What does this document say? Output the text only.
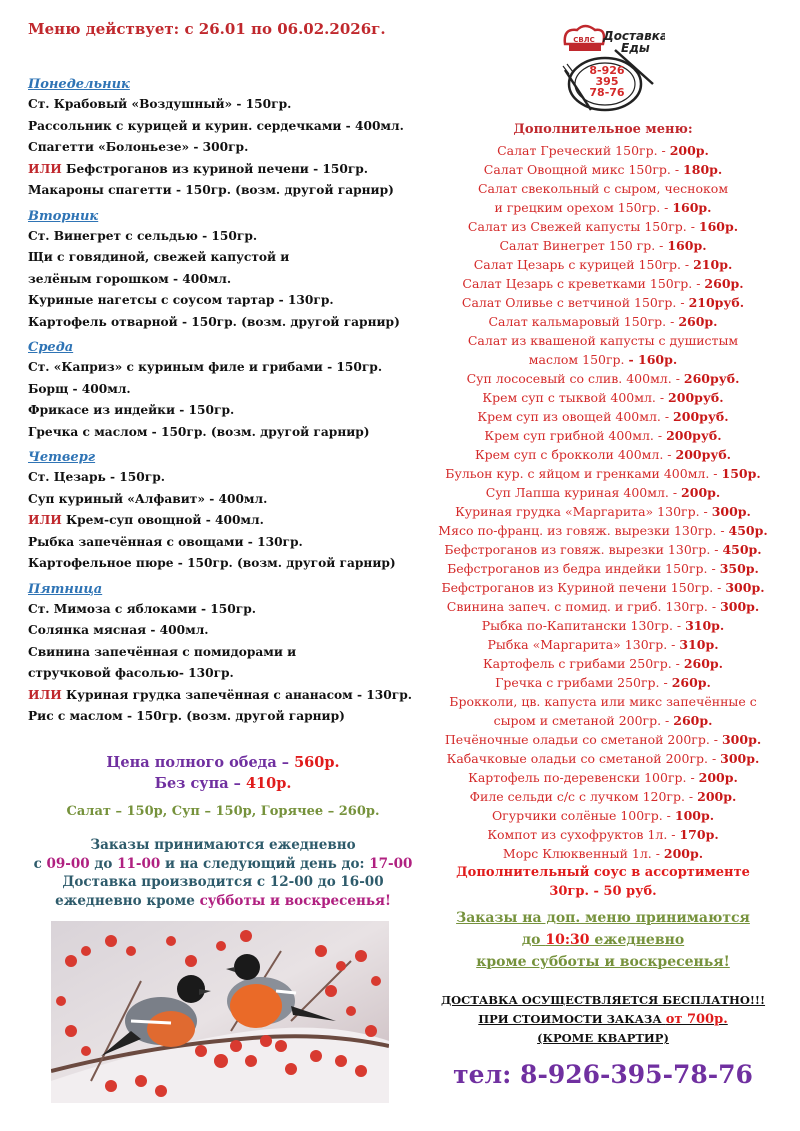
Меню действует: с 26.01 по 06.02.2026г.
СВЛС Доставка
Еды
8-926
395
78-76
Понедельник
Ст. Крабовый «Воздушный» - 150гр.
Рассольник с курицей и курин. сердечками - 400мл.
Спагетти «Болоньезе» - 300гр.
ИЛИ Бефстроганов из куриной печени - 150гр.
Макароны спагетти - 150гр. (возм. другой гарнир)
Вторник
Ст. Винегрет с сельдью - 150гр.
Щи с говядиной, свежей капустой и
зелёным горошком - 400мл.
Куриные нагетсы с соусом тартар - 130гр.
Картофель отварной - 150гр. (возм. другой гарнир)
Среда
Ст. «Каприз» с куриным филе и грибами - 150гр.
Борщ - 400мл.
Фрикасе из индейки - 150гр.
Гречка с маслом - 150гр. (возм. другой гарнир)
Четверг
Ст. Цезарь - 150гр.
Суп куриный «Алфавит» - 400мл.
ИЛИ Крем-суп овощной - 400мл.
Рыбка запечённая с овощами - 130гр.
Картофельное пюре - 150гр. (возм. другой гарнир)
Пятница
Ст. Мимоза с яблоками - 150гр.
Солянка мясная - 400мл.
Свинина запечённая с помидорами и
стручковой фасолью- 130гр.
ИЛИ Куриная грудка запечённая с ананасом - 130гр.
Рис с маслом - 150гр. (возм. другой гарнир)
Цена полного обеда – 560р.
Без супа – 410р.
Салат – 150р, Суп – 150р, Горячее – 260р.
Заказы принимаются ежедневно
с 09-00 до 11-00 и на следующий день до: 17-00
Доставка производится с 12-00 до 16-00
ежедневно кроме субботы и воскресенья!
Дополнительное меню:
Салат Греческий 150гр. - 200р.
Салат Овощной микс 150гр. - 180р.
Салат свекольный с сыром, чесноком
и грецким орехом 150гр. - 160р.
Салат из Свежей капусты 150гр. - 160р.
Салат Винегрет 150 гр. - 160р.
Салат Цезарь с курицей 150гр. - 210р.
Салат Цезарь с креветками 150гр. - 260р.
Салат Оливье с ветчиной 150гр. - 210руб.
Салат кальмаровый 150гр. - 260р.
Салат из квашеной капусты с душистым
маслом 150гр. - 160р.
Суп лососевый со слив. 400мл. - 260руб.
Крем суп с тыквой 400мл. - 200руб.
Крем суп из овощей 400мл. - 200руб.
Крем суп грибной 400мл. - 200руб.
Крем суп с брокколи 400мл. - 200руб.
Бульон кур. с яйцом и гренками 400мл. - 150р.
Суп Лапша куриная 400мл. - 200р.
Куриная грудка «Маргарита» 130гр. - 300р.
Мясо по-франц. из говяж. вырезки 130гр. - 450р.
Бефстроганов из говяж. вырезки 130гр. - 450р.
Бефстроганов из бедра индейки 150гр. - 350р.
Бефстроганов из Куриной печени 150гр. - 300р.
Свинина запеч. с помид. и гриб. 130гр. - 300р.
Рыбка по-Капитански 130гр. - 310р.
Рыбка «Маргарита» 130гр. - 310р.
Картофель с грибами 250гр. - 260р.
Гречка с грибами 250гр. - 260р.
Брокколи, цв. капуста или микс запечённые с
сыром и сметаной 200гр. - 260р.
Печёночные оладьи со сметаной 200гр. - 300р.
Кабачковые оладьи со сметаной 200гр. - 300р.
Картофель по-деревенски 100гр. - 200р.
Филе сельди с/с с лучком 120гр. - 200р.
Огурчики солёные 100гр. - 100р.
Компот из сухофруктов 1л. - 170р.
Морс Клюквенный 1л. - 200р.
Дополнительный соус в ассортименте
30гр. - 50 руб.
Заказы на доп. меню принимаются
до 10:30 ежедневно
кроме субботы и воскресенья!
ДОСТАВКА ОСУЩЕСТВЛЯЕТСЯ БЕСПЛАТНО!!!
ПРИ СТОИМОСТИ ЗАКАЗА от 700р.
(КРОМЕ КВАРТИР)
тел: 8-926-395-78-76
